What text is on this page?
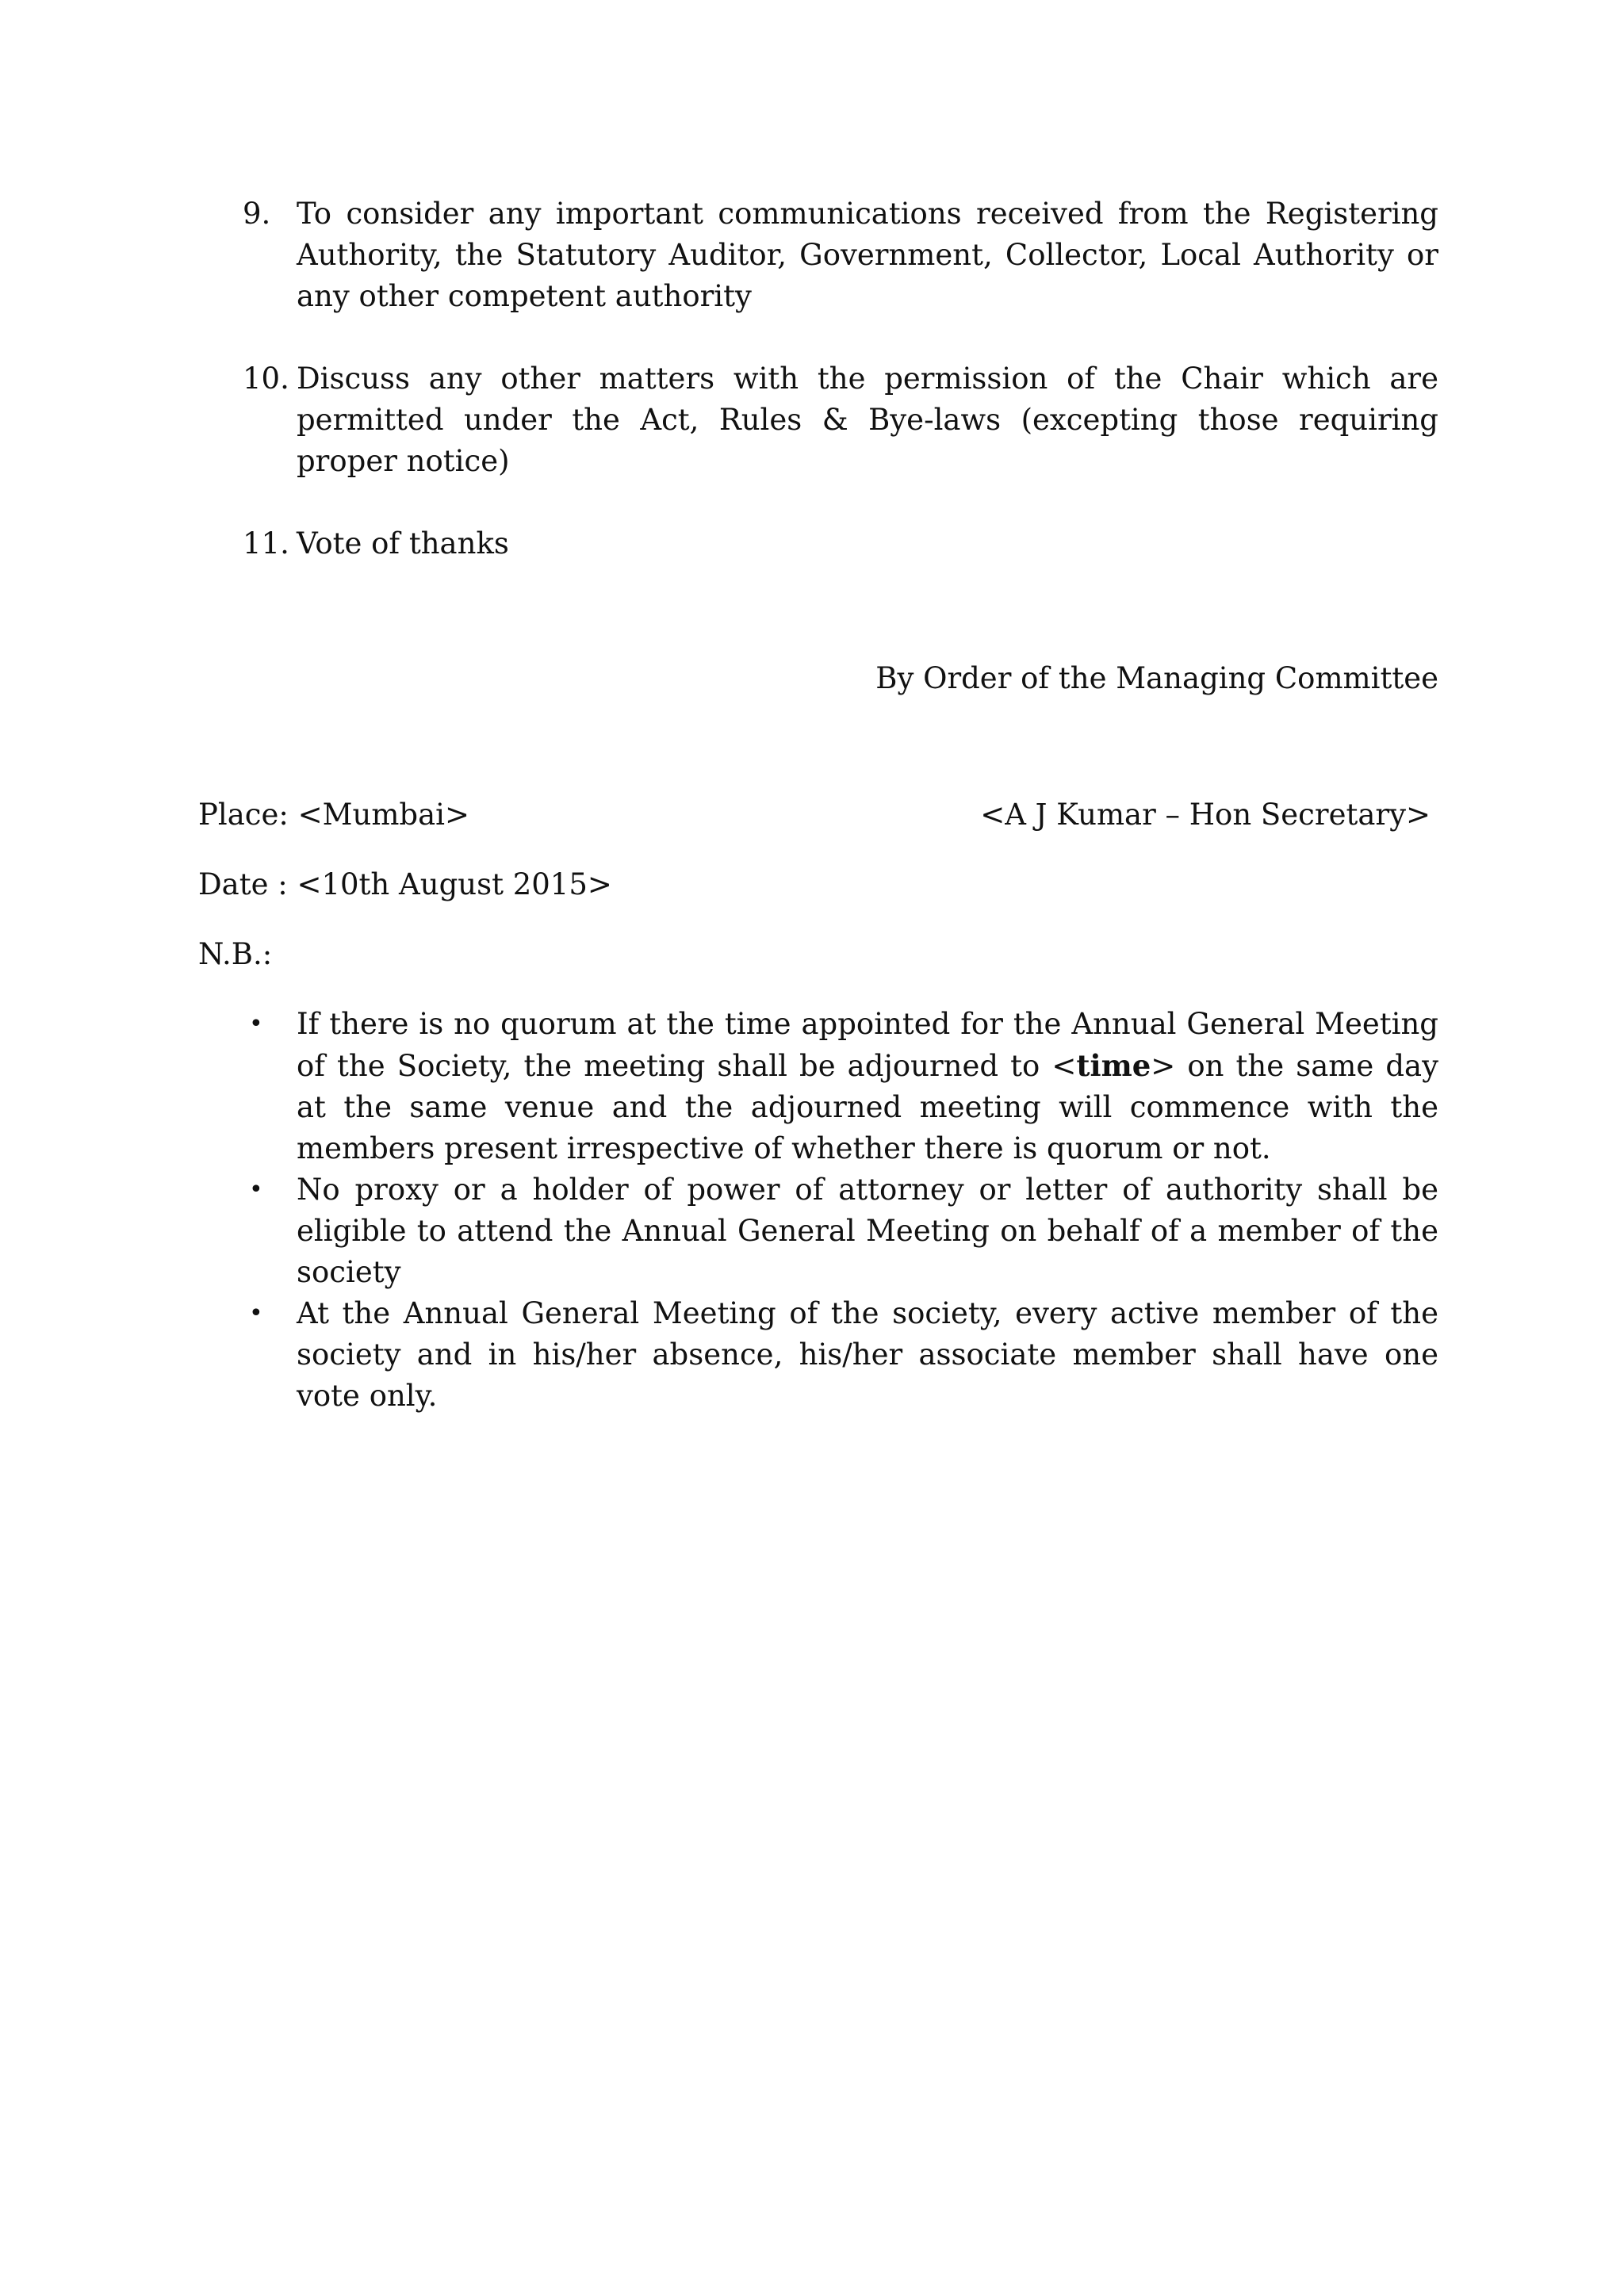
9. To consider any important communications received from the Registering Authority, the Statutory Auditor, Government, Collector, Local Authority or any other competent authority
10. Discuss any other matters with the permission of the Chair which are permitted under the Act, Rules & Bye-laws (excepting those requiring proper notice)
11. Vote of thanks
By Order of the Managing Committee
Place: <Mumbai>	<A J Kumar – Hon Secretary>
Date : <10th August 2015>
N.B.:
•	If there is no quorum at the time appointed for the Annual General Meeting of the Society, the meeting shall be adjourned to <time> on the same day at the same venue and the adjourned meeting will commence with the members present irrespective of whether there is quorum or not.
•	No proxy or a holder of power of attorney or letter of authority shall be eligible to attend the Annual General Meeting on behalf of a member of the society
•	At the Annual General Meeting of the society, every active member of the society and in his/her absence, his/her associate member shall have one vote only.
